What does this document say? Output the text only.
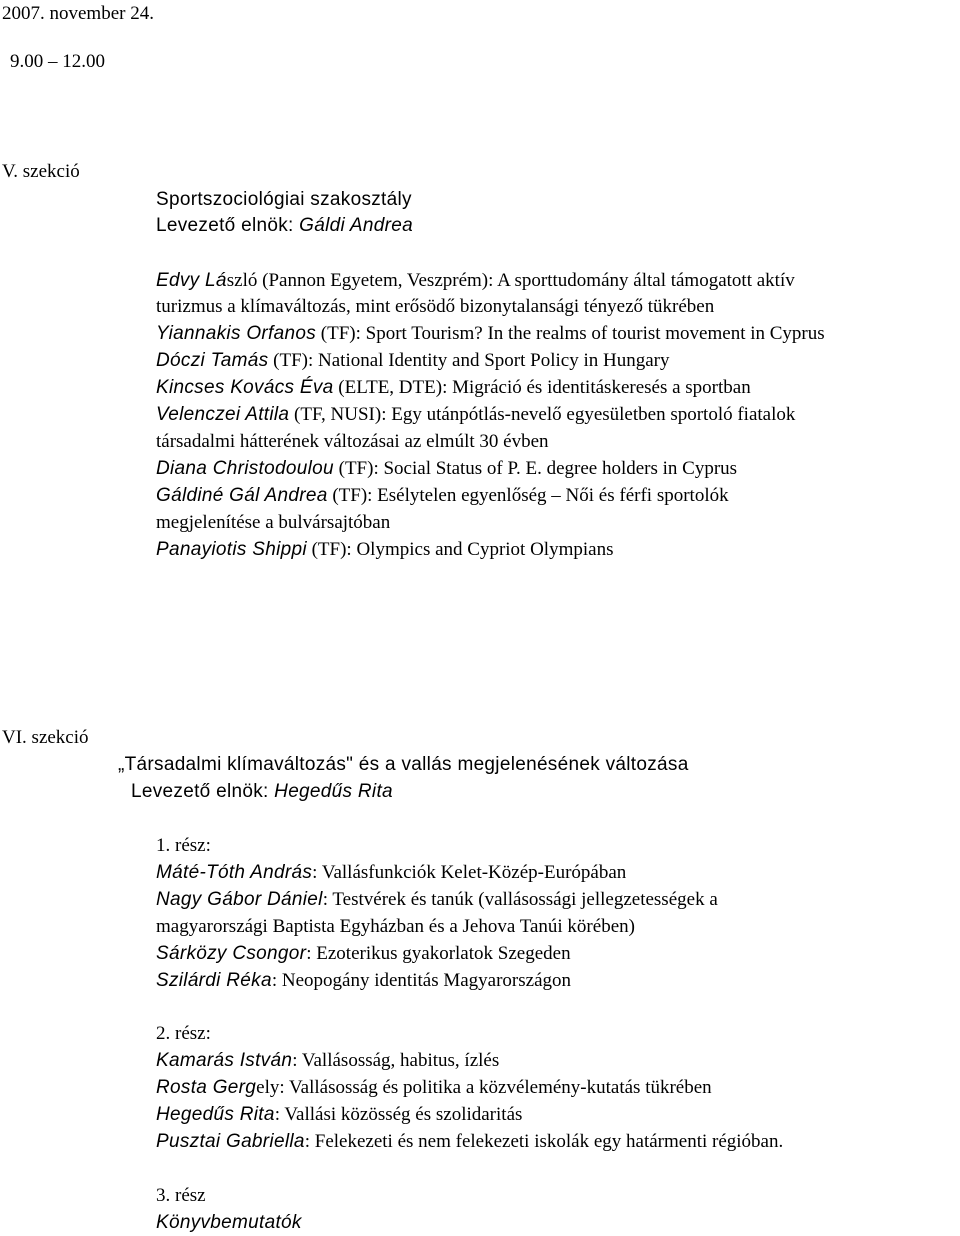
2007. november 24.
9.00 – 12.00
V. szekció
Sportszociológiai szakosztály
Levezető elnök: Gáldi Andrea
Edvy László (Pannon Egyetem, Veszprém): A sporttudomány által támogatott aktív
turizmus a klímaváltozás, mint erősödő bizonytalansági tényező tükrében
Yiannakis Orfanos (TF): Sport Tourism? In the realms of tourist movement in Cyprus
Dóczi Tamás (TF): National Identity and Sport Policy in Hungary
Kincses Kovács Éva (ELTE, DTE): Migráció és identitáskeresés a sportban
Velenczei Attila (TF, NUSI): Egy utánpótlás-nevelő egyesületben sportoló fiatalok
társadalmi hátterének változásai az elmúlt 30 évben
Diana Christodoulou (TF): Social Status of P. E. degree holders in Cyprus
Gáldiné Gál Andrea (TF): Esélytelen egyenlőség – Női és férfi sportolók
megjelenítése a bulvársajtóban
Panayiotis Shippi (TF): Olympics and Cypriot Olympians
VI. szekció
„Társadalmi klímaváltozás" és a vallás megjelenésének változása
Levezető elnök: Hegedűs Rita
1. rész:
Máté-Tóth András: Vallásfunkciók Kelet-Közép-Európában
Nagy Gábor Dániel: Testvérek és tanúk (vallásossági jellegzetességek a
magyarországi Baptista Egyházban és a Jehova Tanúi körében)
Sárközy Csongor: Ezoterikus gyakorlatok Szegeden
Szilárdi Réka: Neopogány identitás Magyarországon
2. rész:
Kamarás István: Vallásosság, habitus, ízlés
Rosta Gergely: Vallásosság és politika a közvélemény-kutatás tükrében
Hegedűs Rita: Vallási közösség és szolidaritás
Pusztai Gabriella: Felekezeti és nem felekezeti iskolák egy határmenti régióban.
3. rész
Könyvbemutatók
